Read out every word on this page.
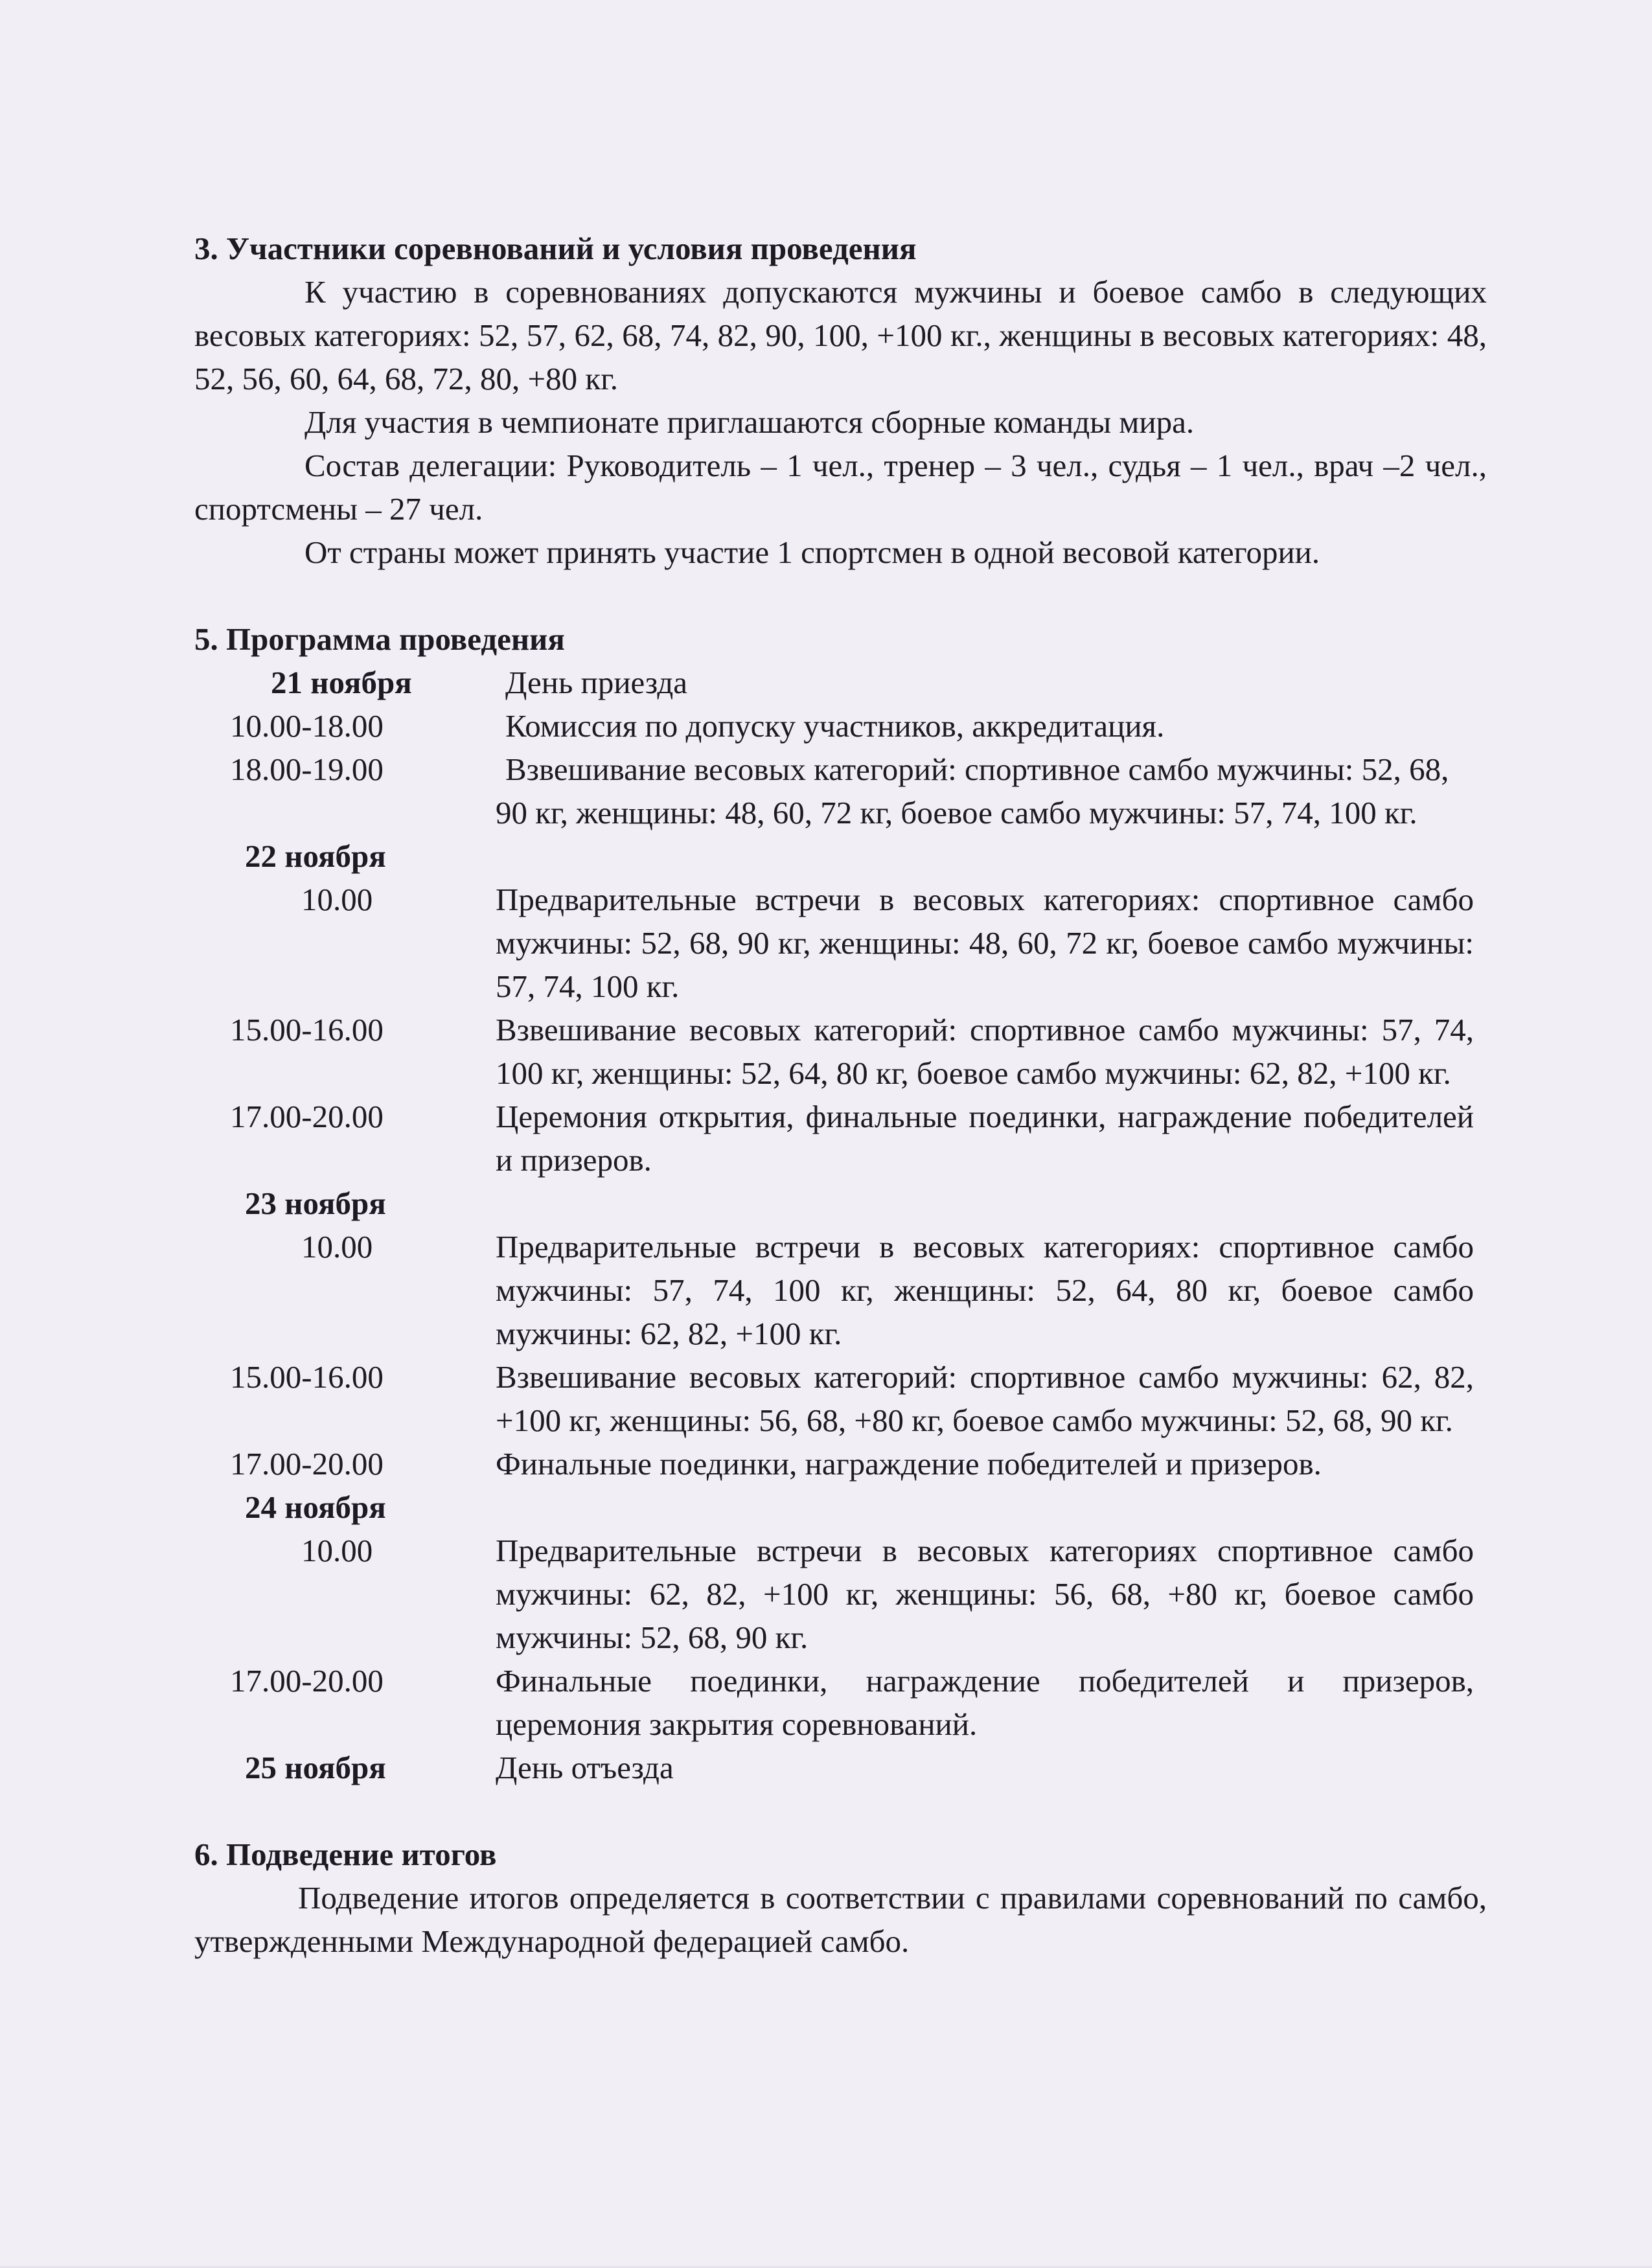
3. Участники соревнований и условия проведения

К участию в соревнованиях допускаются мужчины и боевое самбо в следующих весовых категориях: 52, 57, 62, 68, 74, 82, 90, 100, +100 кг., женщины в весовых категориях: 48, 52, 56, 60, 64, 68, 72, 80, +80 кг.

Для участия в чемпионате приглашаются сборные команды мира.

Состав делегации: Руководитель – 1 чел., тренер – 3 чел., судья – 1 чел., врач –2 чел., спортсмены – 27 чел.

От страны может принять участие 1 спортсмен в одной весовой категории.

5. Программа проведения

21 ноября	День приезда
10.00-18.00	Комиссия по допуску участников, аккредитация.
18.00-19.00	Взвешивание весовых категорий: спортивное самбо мужчины: 52, 68, 90 кг, женщины: 48, 60, 72 кг, боевое самбо мужчины: 57, 74, 100 кг.
22 ноября
10.00	Предварительные встречи в весовых категориях: спортивное самбо мужчины: 52, 68, 90 кг, женщины: 48, 60, 72 кг, боевое самбо мужчины: 57, 74, 100 кг.
15.00-16.00	Взвешивание весовых категорий: спортивное самбо мужчины: 57, 74, 100 кг, женщины: 52, 64, 80 кг, боевое самбо мужчины: 62, 82, +100 кг.
17.00-20.00	Церемония открытия, финальные поединки, награждение победителей и призеров.
23 ноября
10.00	Предварительные встречи в весовых категориях: спортивное самбо мужчины: 57, 74, 100 кг, женщины: 52, 64, 80 кг, боевое самбо мужчины: 62, 82, +100 кг.
15.00-16.00	Взвешивание весовых категорий: спортивное самбо мужчины: 62, 82, +100 кг, женщины: 56, 68, +80 кг, боевое самбо мужчины: 52, 68, 90 кг.
17.00-20.00	Финальные поединки, награждение победителей и призеров.
24 ноября
10.00	Предварительные встречи в весовых категориях спортивное самбо мужчины: 62, 82, +100 кг, женщины: 56, 68, +80 кг, боевое самбо мужчины: 52, 68, 90 кг.
17.00-20.00	Финальные поединки, награждение победителей и призеров, церемония закрытия соревнований.
25 ноября	День отъезда

6. Подведение итогов

Подведение итогов определяется в соответствии с правилами соревнований по самбо, утвержденными Международной федерацией самбо.
